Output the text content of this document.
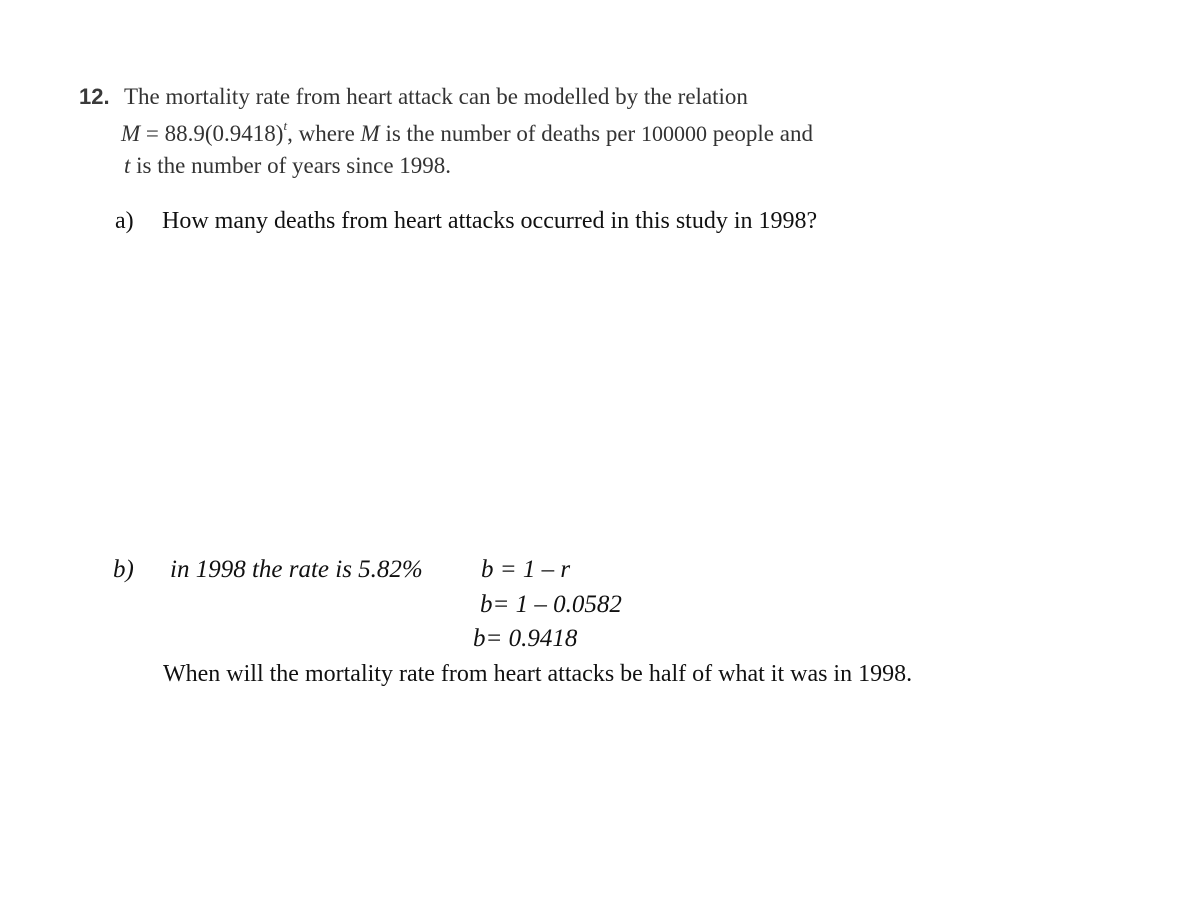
12. The mortality rate from heart attack can be modelled by the relation
$M = 88.9(0.9418)^t$, where M is the number of deaths per 100000 people and
t is the number of years since 1998.
a) How many deaths from heart attacks occurred in this study in 1998?
b) in 1998 the rate is 5.82% b = 1 – r
b= 1 – 0.0582
b= 0.9418
When will the mortality rate from heart attacks be half of what it was in 1998.
